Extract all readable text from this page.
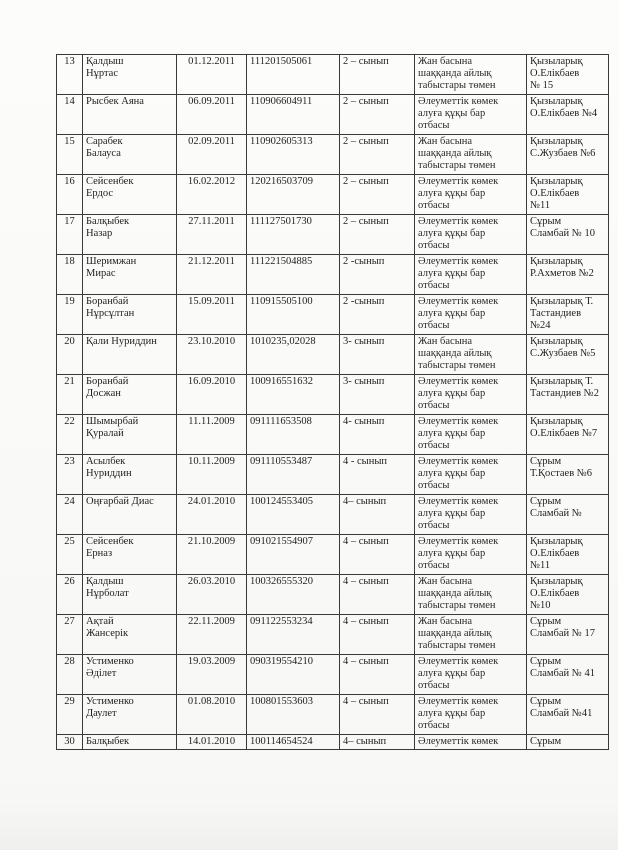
13	Қалдыш
Нұртас	01.12.2011	111201505061	2 – сынып	Жан басына
шаққанда айлық
табыстары төмен	Қызыларық
О.Елікбаев
№ 15
14	Рысбек Аяна	06.09.2011	110906604911	2 – сынып	Әлеуметтік көмек
алуға құқы бар
отбасы	Қызыларық
О.Елікбаев №4
15	Сарабек
Балауса	02.09.2011	110902605313	2 – сынып	Жан басына
шаққанда айлық
табыстары төмен	Қызыларық
С.Жузбаев №6
16	Сейсенбек
Ердос	16.02.2012	120216503709	2 – сынып	Әлеуметтік көмек
алуға құқы бар
отбасы	Қызыларық
О.Елікбаев
№11
17	Балқыбек
Назар	27.11.2011	111127501730	2 – сынып	Әлеуметтік көмек
алуға құқы бар
отбасы	Сұрым
Сламбай № 10
18	Шеримжан
Мирас	21.12.2011	111221504885	2 -сынып	Әлеуметтік көмек
алуға құқы бар
отбасы	Қызыларық
Р.Ахметов №2
19	Боранбай
Нұрсұлтан	15.09.2011	110915505100	2 -сынып	Әлеуметтік көмек
алуға құқы бар
отбасы	Қызыларық Т.
Тастандиев
№24
20	Қали Нуриддин	23.10.2010	1010235,02028	3- сынып	Жан басына
шаққанда айлық
табыстары төмен	Қызыларық
С.Жузбаев №5
21	Боранбай
Досжан	16.09.2010	100916551632	3- сынып	Әлеуметтік көмек
алуға құқы бар
отбасы	Қызыларық Т.
Тастандиев №2
22	Шымырбай
Қуралай	11.11.2009	091111653508	4- сынып	Әлеуметтік көмек
алуға құқы бар
отбасы	Қызыларық
О.Елікбаев №7
23	Асылбек
Нуриддин	10.11.2009	091110553487	4 - сынып	Әлеуметтік көмек
алуға құқы бар
отбасы	Сұрым
Т.Қостаев №6
24	Оңғарбай Диас	24.01.2010	100124553405	4– сынып	Әлеуметтік көмек
алуға құқы бар
отбасы	Сұрым
Сламбай №
25	Сейсенбек
Ерназ	21.10.2009	091021554907	4 – сынып	Әлеуметтік көмек
алуға құқы бар
отбасы	Қызыларық
О.Елікбаев
№11
26	Қалдыш
Нұрболат	26.03.2010	100326555320	4 – сынып	Жан басына
шаққанда айлық
табыстары төмен	Қызыларық
О.Елікбаев
№10
27	Ақтай
Жансерік	22.11.2009	091122553234	4 – сынып	Жан басына
шаққанда айлық
табыстары төмен	Сұрым
Сламбай № 17
28	Устименко
Әділет	19.03.2009	090319554210	4 – сынып	Әлеуметтік көмек
алуға құқы бар
отбасы	Сұрым
Сламбай № 41
29	Устименко
Даулет	01.08.2010	100801553603	4 – сынып	Әлеуметтік көмек
алуға құқы бар
отбасы	Сұрым
Сламбай №41
30	Балқыбек	14.01.2010	100114654524	4– сынып	Әлеуметтік көмек	Сұрым
